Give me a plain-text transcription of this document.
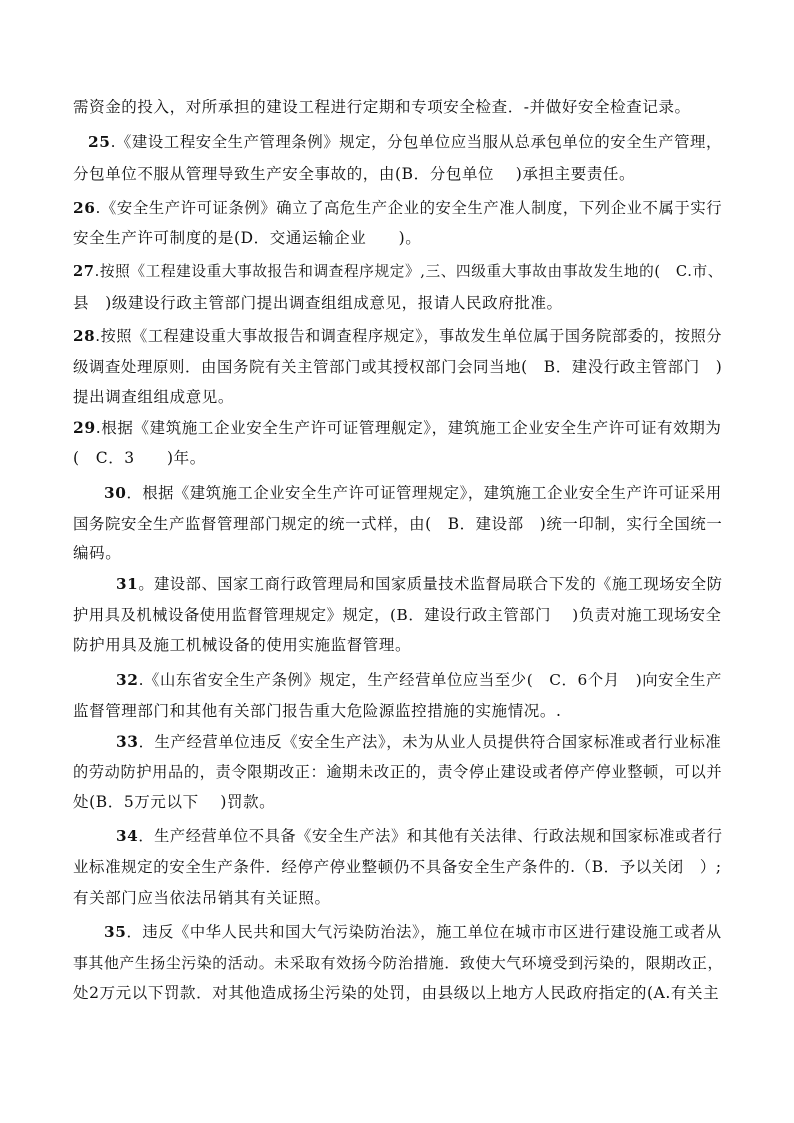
需资金的投入，对所承担的建设工程进行定期和专项安全检查．-并做好安全检查记录。
25.《建设工程安全生产管理条例》规定，分包单位应当服从总承包单位的安全生产管理，
分包单位不服从管理导致生产安全事故的，由(B．分包单位　 )承担主要责任。
26.《安全生产许可证条例》确立了高危生产企业的安全生产准人制度，下列企业不属于实行
安全生产许可制度的是(D．交通运输企业　　)。
27.按照《工程建设重大事故报告和调查程序规定》,三、四级重大事故由事故发生地的(　C.市、
县　)级建设行政主管部门提出调查组组成意见，报请人民政府批准。
28.按照《工程建设重大事故报告和调查程序规定》，事故发生单位属于国务院部委的，按照分
级调查处理原则．由国务院有关主管部门或其授权部门会同当地(　B．建没行政主管部门　)
提出调查组组成意见。
29.根据《建筑施工企业安全生产许可证管理舰定》，建筑施工企业安全生产许可证有效期为
(　C．3　　)年。
30．根据《建筑施工企业安全生产许可证管理规定》，建筑施工企业安全生产许可证采用
国务院安全生产监督管理部门规定的统一式样，由(　B．建设部　)统一印制，实行全国统一
编码。
31。建设部、国家工商行政管理局和国家质量技术监督局联合下发的《施工现场安全防
护用具及机械设备使用监督管理规定》规定，(B．建设行政主管部门　 )负责对施工现场安全
防护用具及施工机械设备的使用实施监督管理。
32.《山东省安全生产条例》规定，生产经营单位应当至少(　C．6个月　)向安全生产
监督管理部门和其他有关部门报告重大危险源监控措施的实施情况。.
33．生产经营单位违反《安全生产法》，未为从业人员提供符合国家标准或者行业标准
的劳动防护用品的，责令限期改正：逾期未改正的，责令停止建设或者停产停业整顿，可以并
处(B．5万元以下　 )罚款。
34．生产经营单位不具备《安全生产法》和其他有关法律、行政法规和国家标准或者行
业标准规定的安全生产条件．经停产停业整顿仍不具备安全生产条件的.（B．予以关闭　）;
有关部门应当依法吊销其有关证照。
35．违反《中华人民共和国大气污染防治法》，施工单位在城市市区进行建设施工或者从
事其他产生扬尘污染的活动。未采取有效扬今防治措施．致使大气环境受到污染的，限期改正，
处2万元以下罚款．对其他造成扬尘污染的处罚，由县级以上地方人民政府指定的(A.有关主
